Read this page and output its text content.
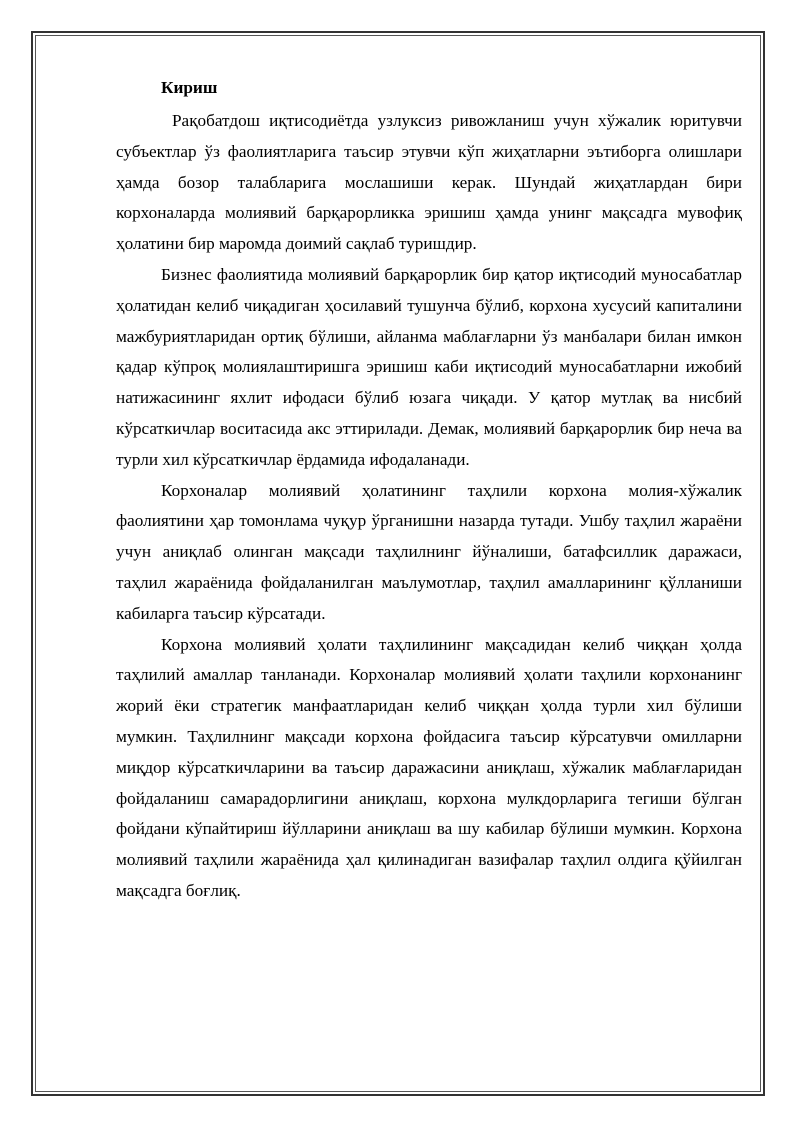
Кириш

Рақобатдош иқтисодиётда узлуксиз ривожланиш учун хўжалик юритувчи субъектлар ўз фаолиятларига таъсир этувчи кўп жиҳатларни эътиборга олишлари ҳамда бозор талабларига мослашиши керак. Шундай жиҳатлардан бири корхоналарда молиявий барқарорликка эришиш ҳамда унинг мақсадга мувофиқ ҳолатини бир маромда доимий сақлаб туришдир.

Бизнес фаолиятида молиявий барқарорлик бир қатор иқтисодий муносабатлар ҳолатидан келиб чиқадиган ҳосилавий тушунча бўлиб, корхона хусусий капиталини мажбуриятларидан ортиқ бўлиши, айланма маблағларни ўз манбалари билан имкон қадар кўпроқ молиялаштиришга эришиш каби иқтисодий муносабатларни ижобий натижасининг яхлит ифодаси бўлиб юзага чиқади. У қатор мутлақ ва нисбий кўрсаткичлар воситасида акс эттирилади. Демак, молиявий барқарорлик бир неча ва турли хил кўрсаткичлар ёрдамида ифодаланади.

Корхоналар молиявий ҳолатининг таҳлили корхона молия-хўжалик фаолиятини ҳар томонлама чуқур ўрганишни назарда тутади. Ушбу таҳлил жараёни учун аниқлаб олинган мақсади таҳлилнинг йўналиши, батафсиллик даражаси, таҳлил жараёнида фойдаланилган маълумотлар, таҳлил амалларининг қўлланиши кабиларга таъсир кўрсатади.

Корхона молиявий ҳолати таҳлилининг мақсадидан келиб чиққан ҳолда таҳлилий амаллар танланади. Корхоналар молиявий ҳолати таҳлили корхонанинг жорий ёки стратегик манфаатларидан келиб чиққан ҳолда турли хил бўлиши мумкин. Таҳлилнинг мақсади корхона фойдасига таъсир кўрсатувчи омилларни миқдор кўрсаткичларини ва таъсир даражасини аниқлаш, хўжалик маблағларидан фойдаланиш самарадорлигини аниқлаш, корхона мулкдорларига тегиши бўлган фойдани кўпайтириш йўлларини аниқлаш ва шу кабилар бўлиши мумкин. Корхона молиявий таҳлили жараёнида ҳал қилинадиган вазифалар таҳлил олдига қўйилган мақсадга боғлиқ.
